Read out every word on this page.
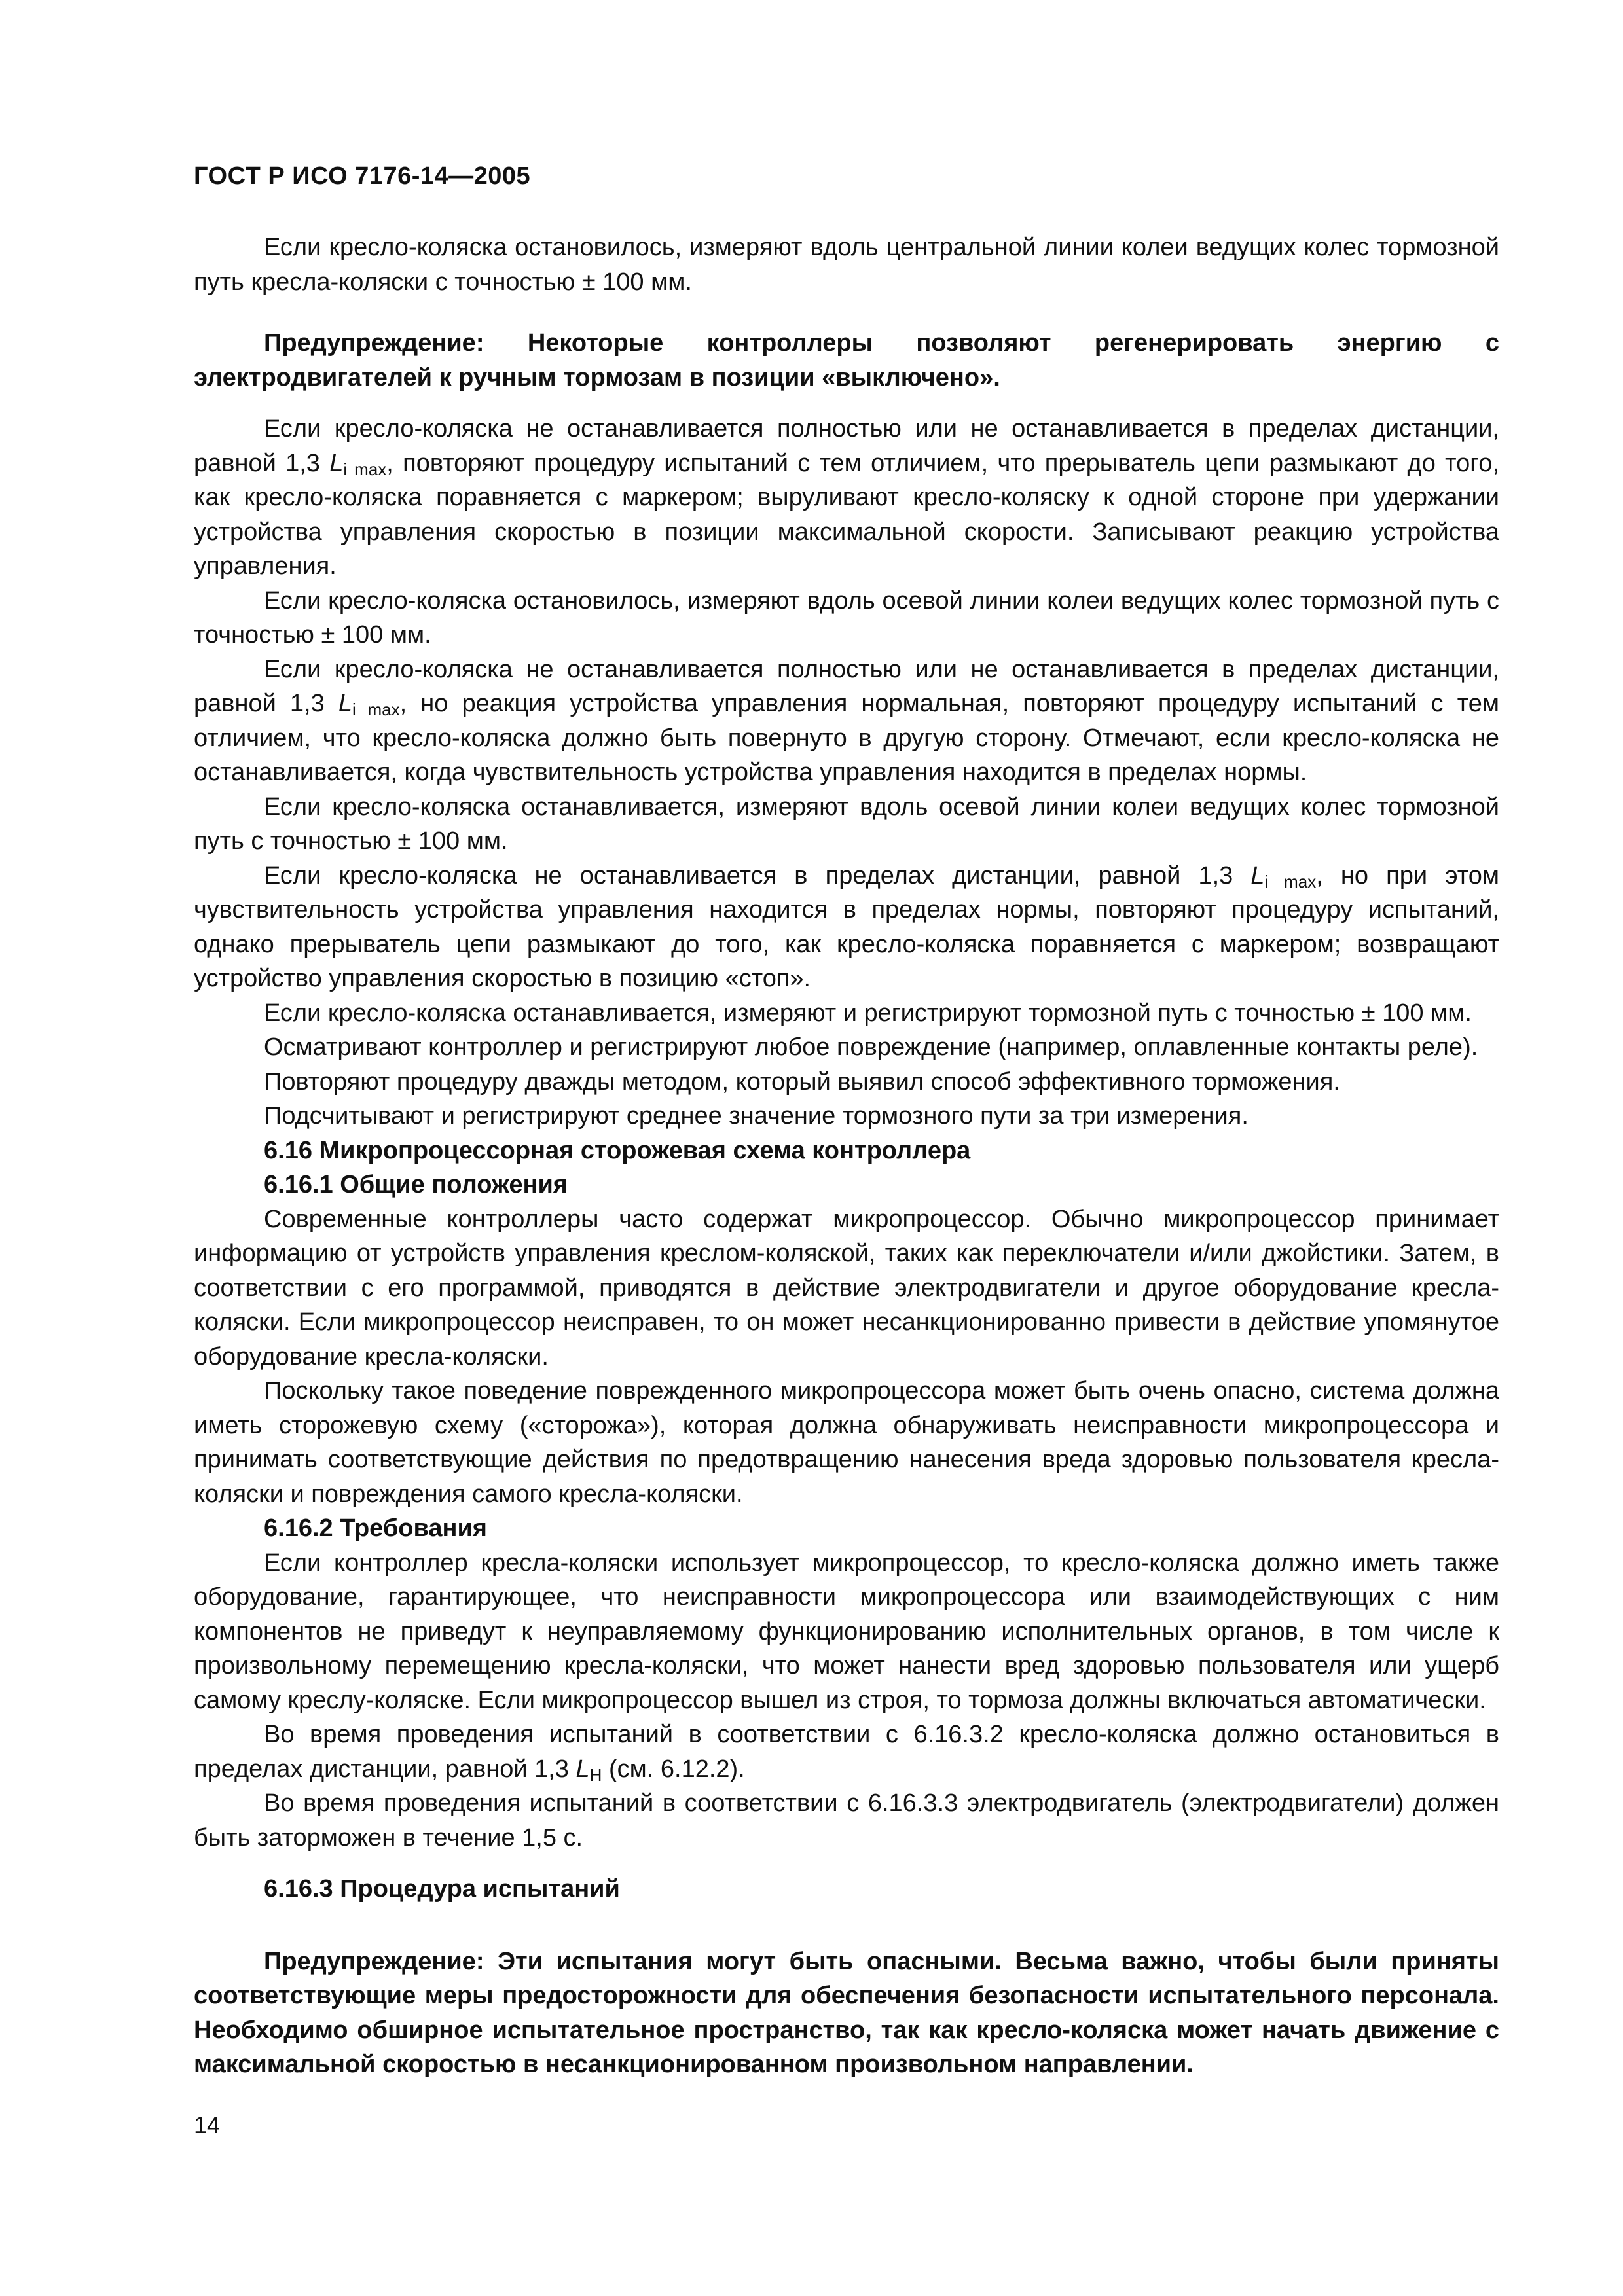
ГОСТ Р ИСО 7176-14—2005

Если кресло-коляска остановилось, измеряют вдоль центральной линии колеи ведущих колес тормозной путь кресла-коляски с точностью ± 100 мм.

Предупреждение: Некоторые контроллеры позволяют регенерировать энергию с электродвигателей к ручным тормозам в позиции «выключено».

Если кресло-коляска не останавливается полностью или не останавливается в пределах дистанции, равной 1,3 $L_{i max}$, повторяют процедуру испытаний с тем отличием, что прерыватель цепи размыкают до того, как кресло-коляска поравняется с маркером; выруливают кресло-коляску к одной стороне при удержании устройства управления скоростью в позиции максимальной скорости. Записывают реакцию устройства управления.

Если кресло-коляска остановилось, измеряют вдоль осевой линии колеи ведущих колес тормозной путь с точностью ± 100 мм.

Если кресло-коляска не останавливается полностью или не останавливается в пределах дистанции, равной 1,3 $L_{i max}$, но реакция устройства управления нормальная, повторяют процедуру испытаний с тем отличием, что кресло-коляска должно быть повернуто в другую сторону. Отмечают, если кресло-коляска не останавливается, когда чувствительность устройства управления находится в пределах нормы.

Если кресло-коляска останавливается, измеряют вдоль осевой линии колеи ведущих колес тормозной путь с точностью ± 100 мм.

Если кресло-коляска не останавливается в пределах дистанции, равной 1,3 $L_{i max}$, но при этом чувствительность устройства управления находится в пределах нормы, повторяют процедуру испытаний, однако прерыватель цепи размыкают до того, как кресло-коляска поравняется с маркером; возвращают устройство управления скоростью в позицию «стоп».

Если кресло-коляска останавливается, измеряют и регистрируют тормозной путь с точностью ± 100 мм.

Осматривают контроллер и регистрируют любое повреждение (например, оплавленные контакты реле).

Повторяют процедуру дважды методом, который выявил способ эффективного торможения.

Подсчитывают и регистрируют среднее значение тормозного пути за три измерения.

6.16 Микропроцессорная сторожевая схема контроллера

6.16.1 Общие положения

Современные контроллеры часто содержат микропроцессор. Обычно микропроцессор принимает информацию от устройств управления креслом-коляской, таких как переключатели и/или джойстики. Затем, в соответствии с его программой, приводятся в действие электродвигатели и другое оборудование кресла-коляски. Если микропроцессор неисправен, то он может несанкционированно привести в действие упомянутое оборудование кресла-коляски.

Поскольку такое поведение поврежденного микропроцессора может быть очень опасно, система должна иметь сторожевую схему («сторожа»), которая должна обнаруживать неисправности микропроцессора и принимать соответствующие действия по предотвращению нанесения вреда здоровью пользователя кресла-коляски и повреждения самого кресла-коляски.

6.16.2 Требования

Если контроллер кресла-коляски использует микропроцессор, то кресло-коляска должно иметь также оборудование, гарантирующее, что неисправности микропроцессора или взаимодействующих с ним компонентов не приведут к неуправляемому функционированию исполнительных органов, в том числе к произвольному перемещению кресла-коляски, что может нанести вред здоровью пользователя или ущерб самому креслу-коляске. Если микропроцессор вышел из строя, то тормоза должны включаться автоматически.

Во время проведения испытаний в соответствии с 6.16.3.2 кресло-коляска должно остановиться в пределах дистанции, равной 1,3 $L_H$ (см. 6.12.2).

Во время проведения испытаний в соответствии с 6.16.3.3 электродвигатель (электродвигатели) должен быть заторможен в течение 1,5 с.

6.16.3 Процедура испытаний

Предупреждение: Эти испытания могут быть опасными. Весьма важно, чтобы были приняты соответствующие меры предосторожности для обеспечения безопасности испытательного персонала. Необходимо обширное испытательное пространство, так как кресло-коляска может начать движение с максимальной скоростью в несанкционированном произвольном направлении.

14
